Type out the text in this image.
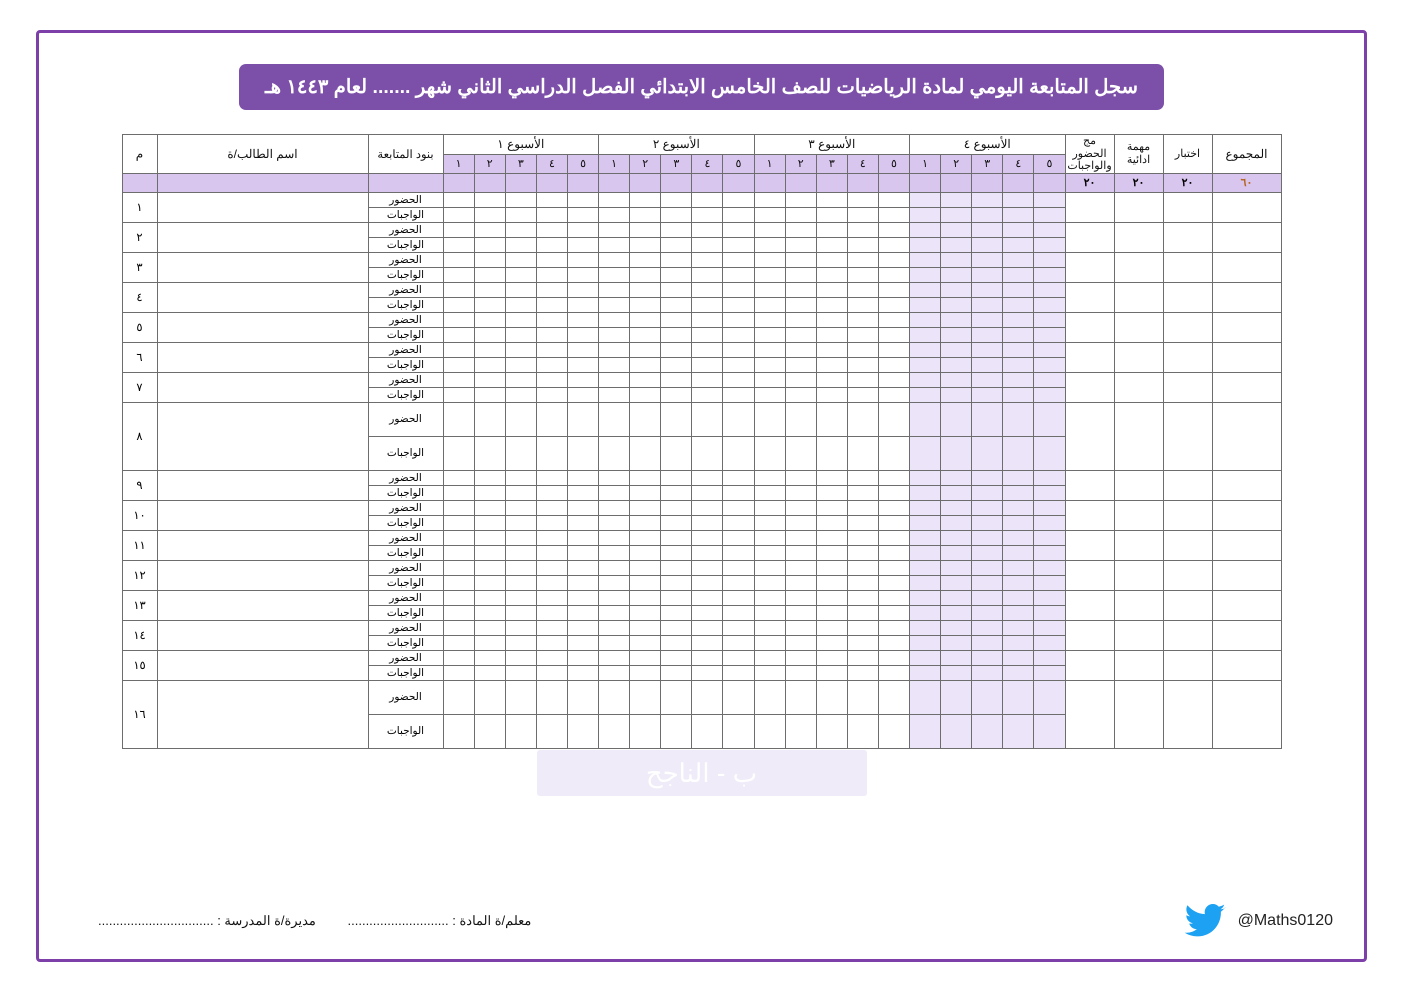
ب - الناجح
سجل المتابعة اليومي لمادة الرياضيات للصف الخامس الابتدائي الفصل الدراسي الثاني شهر ....... لعام ١٤٤٣ هـ
المجموع	اختبار	مهمة ادائية	مج الحضور والواجبات	الأسبوع ٤					الأسبوع ٣					الأسبوع ٢					الأسبوع ١					بنود المتابعة	اسم الطالب/ة	م
				٥	٤	٣	٢	١	٥	٤	٣	٢	١	٥	٤	٣	٢	١	٥	٤	٣	٢	١			
٦٠	٢٠	٢٠	٢٠																							
																								الحضور		١
																								الواجبات		
																								الحضور		٢
																								الواجبات		
																								الحضور		٣
																								الواجبات		
																								الحضور		٤
																								الواجبات		
																								الحضور		٥
																								الواجبات		
																								الحضور		٦
																								الواجبات		
																								الحضور		٧
																								الواجبات		
																								الحضور		٨
																								الواجبات		
																								الحضور		٩
																								الواجبات		
																								الحضور		١٠
																								الواجبات		
																								الحضور		١١
																								الواجبات		
																								الحضور		١٢
																								الواجبات		
																								الحضور		١٣
																								الواجبات		
																								الحضور		١٤
																								الواجبات		
																								الحضور		١٥
																								الواجبات		
																								الحضور		١٦
																								الواجبات		
معلم/ة المادة : ............................ مديرة/ة المدرسة : ................................	@Maths0120
